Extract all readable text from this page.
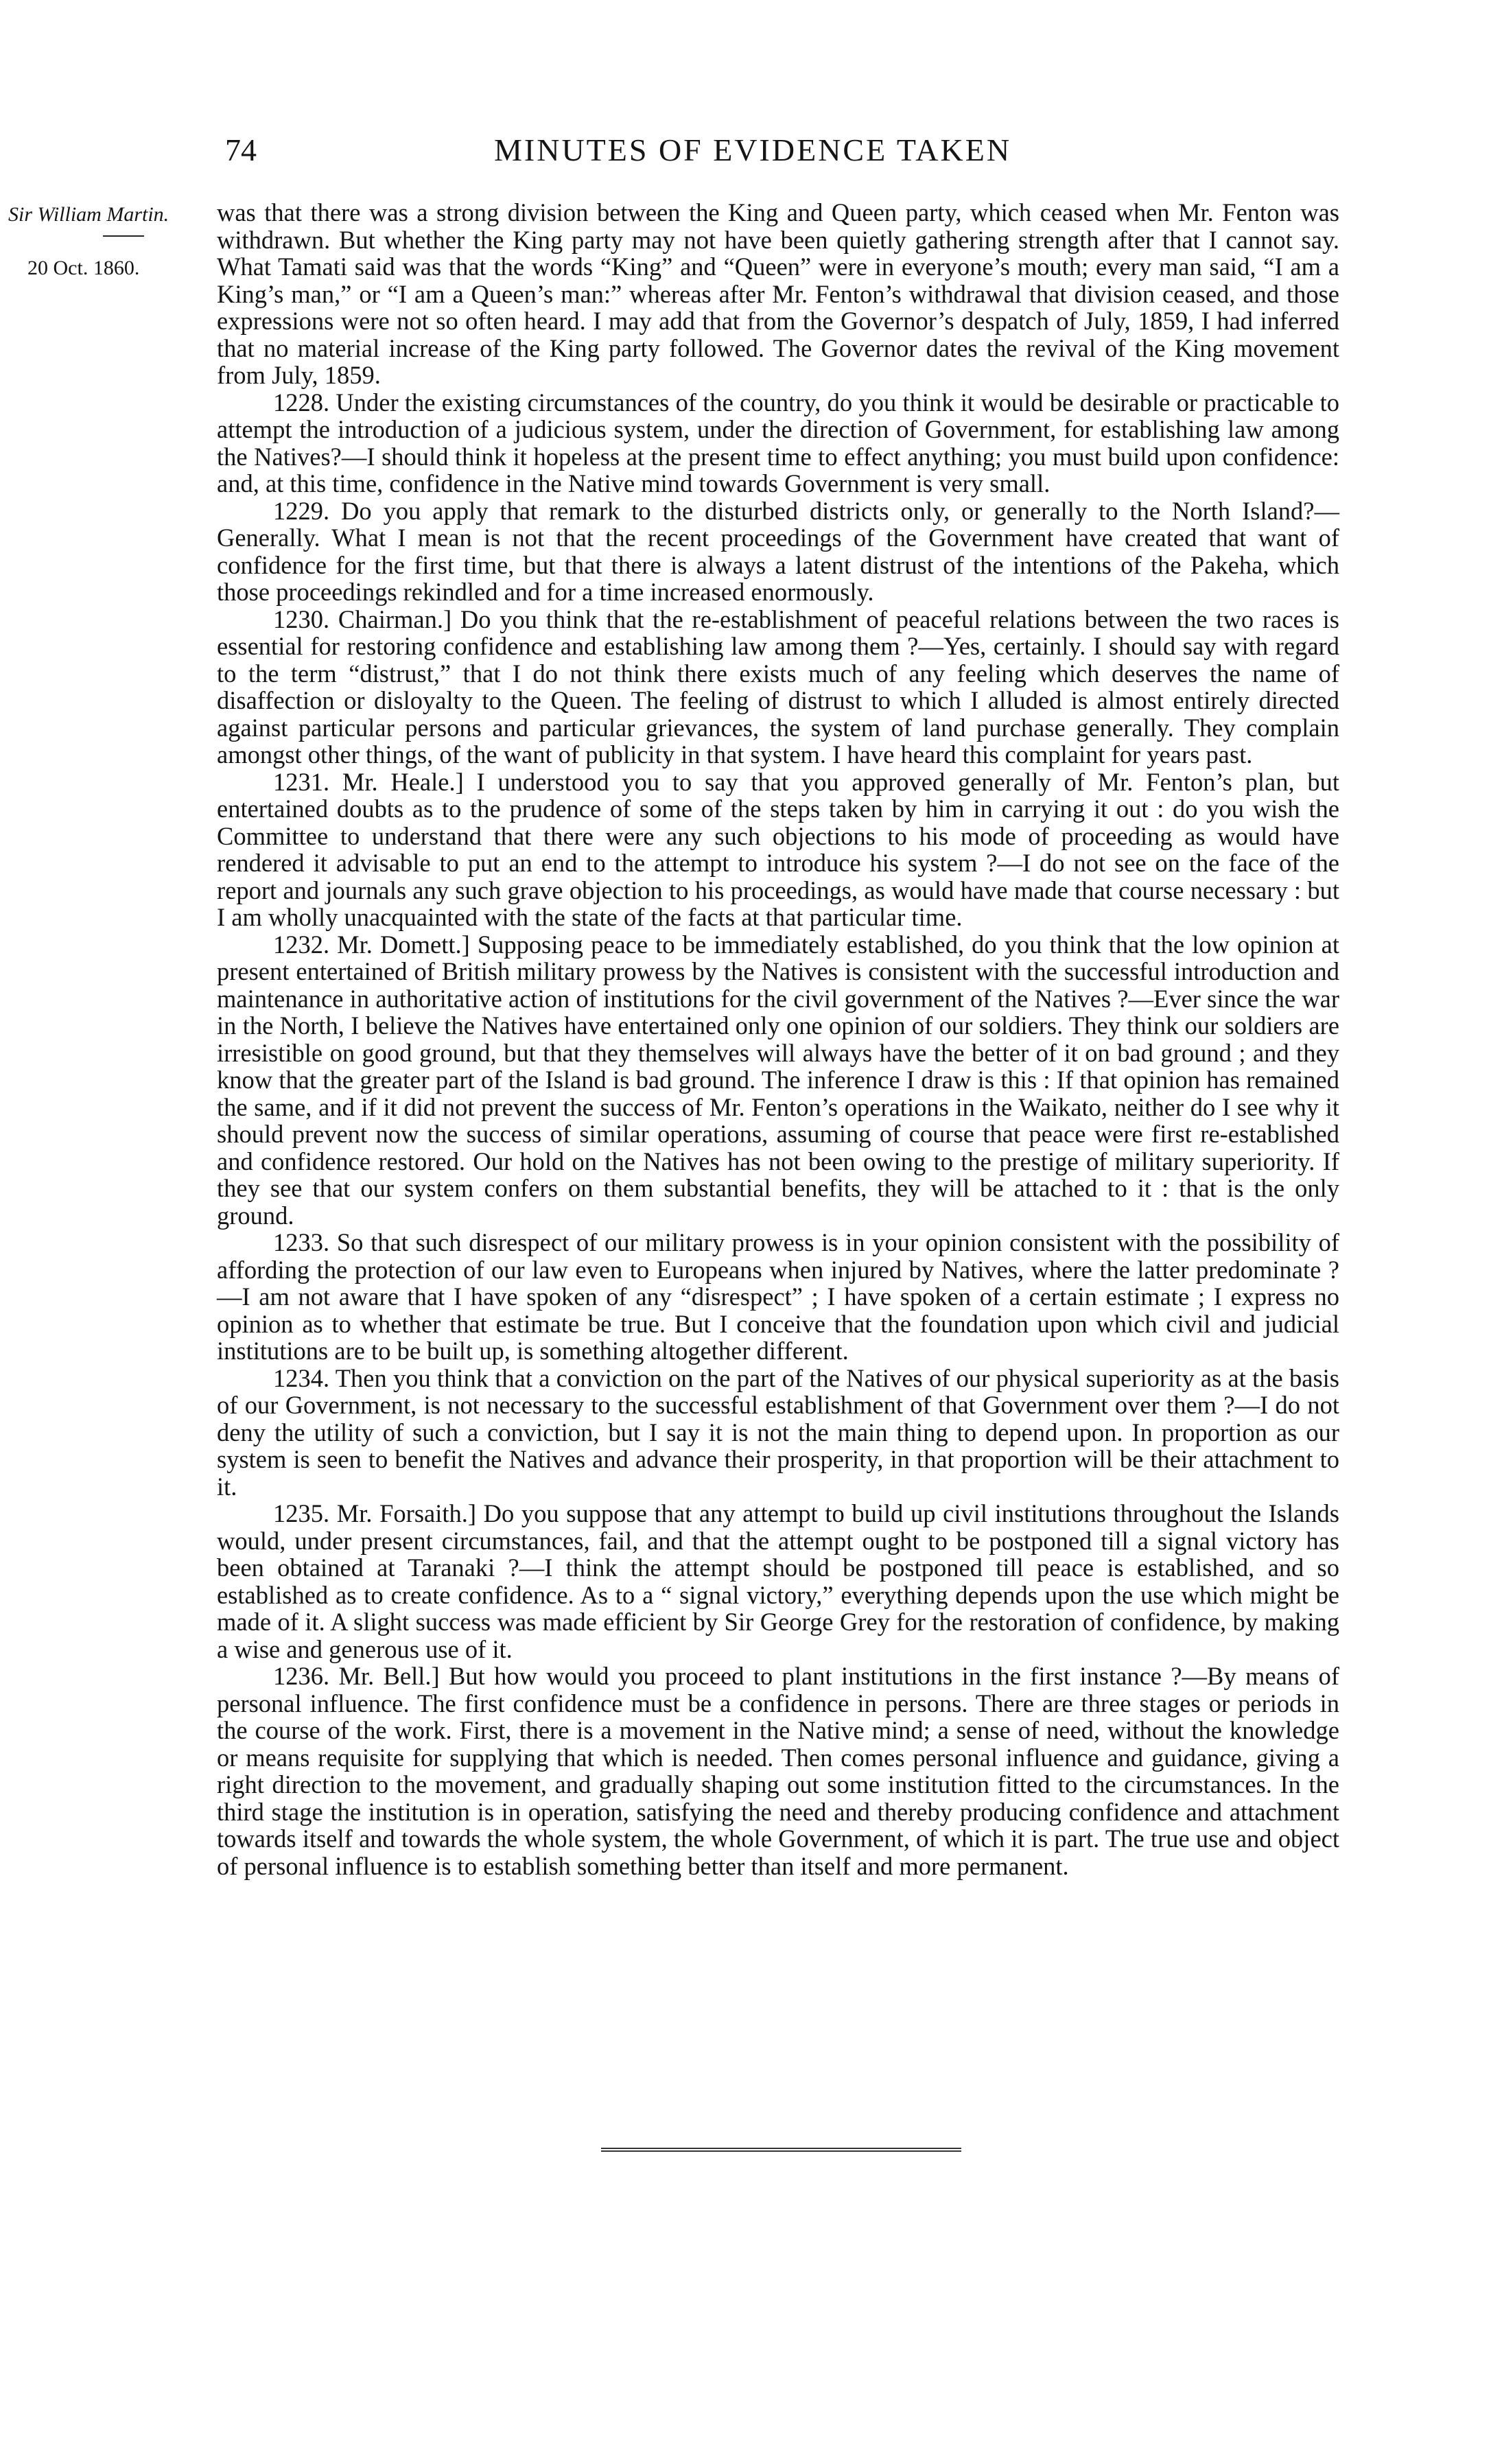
74	MINUTES OF EVIDENCE TAKEN
Sir William Martin.
20 Oct. 1860.

was that there was a strong division between the King and Queen party, which ceased when Mr. Fenton was withdrawn. But whether the King party may not have been quietly gathering strength after that I cannot say. What Tamati said was that the words “King” and “Queen” were in everyone’s mouth; every man said, “I am a King’s man,” or “I am a Queen’s man:” whereas after Mr. Fenton’s withdrawal that division ceased, and those expressions were not so often heard. I may add that from the Governor’s despatch of July, 1859, I had inferred that no material increase of the King party followed. The Governor dates the revival of the King movement from July, 1859.

1228. Under the existing circumstances of the country, do you think it would be desirable or practicable to attempt the introduction of a judicious system, under the direction of Government, for establishing law among the Natives?—I should think it hopeless at the present time to effect anything; you must build upon confidence: and, at this time, confidence in the Native mind towards Government is very small.

1229. Do you apply that remark to the disturbed districts only, or generally to the North Island?—Generally. What I mean is not that the recent proceedings of the Government have created that want of confidence for the first time, but that there is always a latent distrust of the intentions of the Pakeha, which those proceedings rekindled and for a time increased enormously.

1230. Chairman.] Do you think that the re-establishment of peaceful relations between the two races is essential for restoring confidence and establishing law among them ?—Yes, certainly. I should say with regard to the term “distrust,” that I do not think there exists much of any feeling which deserves the name of disaffection or disloyalty to the Queen. The feeling of distrust to which I alluded is almost entirely directed against particular persons and particular grievances, the system of land purchase generally. They complain amongst other things, of the want of publicity in that system. I have heard this complaint for years past.

1231. Mr. Heale.] I understood you to say that you approved generally of Mr. Fenton’s plan, but entertained doubts as to the prudence of some of the steps taken by him in carrying it out : do you wish the Committee to understand that there were any such objections to his mode of proceeding as would have rendered it advisable to put an end to the attempt to introduce his system ?—I do not see on the face of the report and journals any such grave objection to his proceedings, as would have made that course necessary : but I am wholly unacquainted with the state of the facts at that particular time.

1232. Mr. Domett.] Supposing peace to be immediately established, do you think that the low opinion at present entertained of British military prowess by the Natives is consistent with the successful introduction and maintenance in authoritative action of institutions for the civil government of the Natives ?—Ever since the war in the North, I believe the Natives have entertained only one opinion of our soldiers. They think our soldiers are irresistible on good ground, but that they themselves will always have the better of it on bad ground ; and they know that the greater part of the Island is bad ground. The inference I draw is this : If that opinion has remained the same, and if it did not prevent the success of Mr. Fenton’s operations in the Waikato, neither do I see why it should prevent now the success of similar operations, assuming of course that peace were first re-established and confidence restored. Our hold on the Natives has not been owing to the prestige of military superiority. If they see that our system confers on them substantial benefits, they will be attached to it : that is the only ground.

1233. So that such disrespect of our military prowess is in your opinion consistent with the possibility of affording the protection of our law even to Europeans when injured by Natives, where the latter predominate ?—I am not aware that I have spoken of any “disrespect” ; I have spoken of a certain estimate ; I express no opinion as to whether that estimate be true. But I conceive that the foundation upon which civil and judicial institutions are to be built up, is something altogether different.

1234. Then you think that a conviction on the part of the Natives of our physical superiority as at the basis of our Government, is not necessary to the successful establishment of that Government over them ?—I do not deny the utility of such a conviction, but I say it is not the main thing to depend upon. In proportion as our system is seen to benefit the Natives and advance their prosperity, in that proportion will be their attachment to it.

1235. Mr. Forsaith.] Do you suppose that any attempt to build up civil institutions throughout the Islands would, under present circumstances, fail, and that the attempt ought to be postponed till a signal victory has been obtained at Taranaki ?—I think the attempt should be postponed till peace is established, and so established as to create confidence. As to a “ signal victory,” everything depends upon the use which might be made of it. A slight success was made efficient by Sir George Grey for the restoration of confidence, by making a wise and generous use of it.

1236. Mr. Bell.] But how would you proceed to plant institutions in the first instance ?—By means of personal influence. The first confidence must be a confidence in persons. There are three stages or periods in the course of the work. First, there is a movement in the Native mind; a sense of need, without the knowledge or means requisite for supplying that which is needed. Then comes personal influence and guidance, giving a right direction to the movement, and gradually shaping out some institution fitted to the circumstances. In the third stage the institution is in operation, satisfying the need and thereby producing confidence and attachment towards itself and towards the whole system, the whole Government, of which it is part. The true use and object of personal influence is to establish something better than itself and more permanent.
